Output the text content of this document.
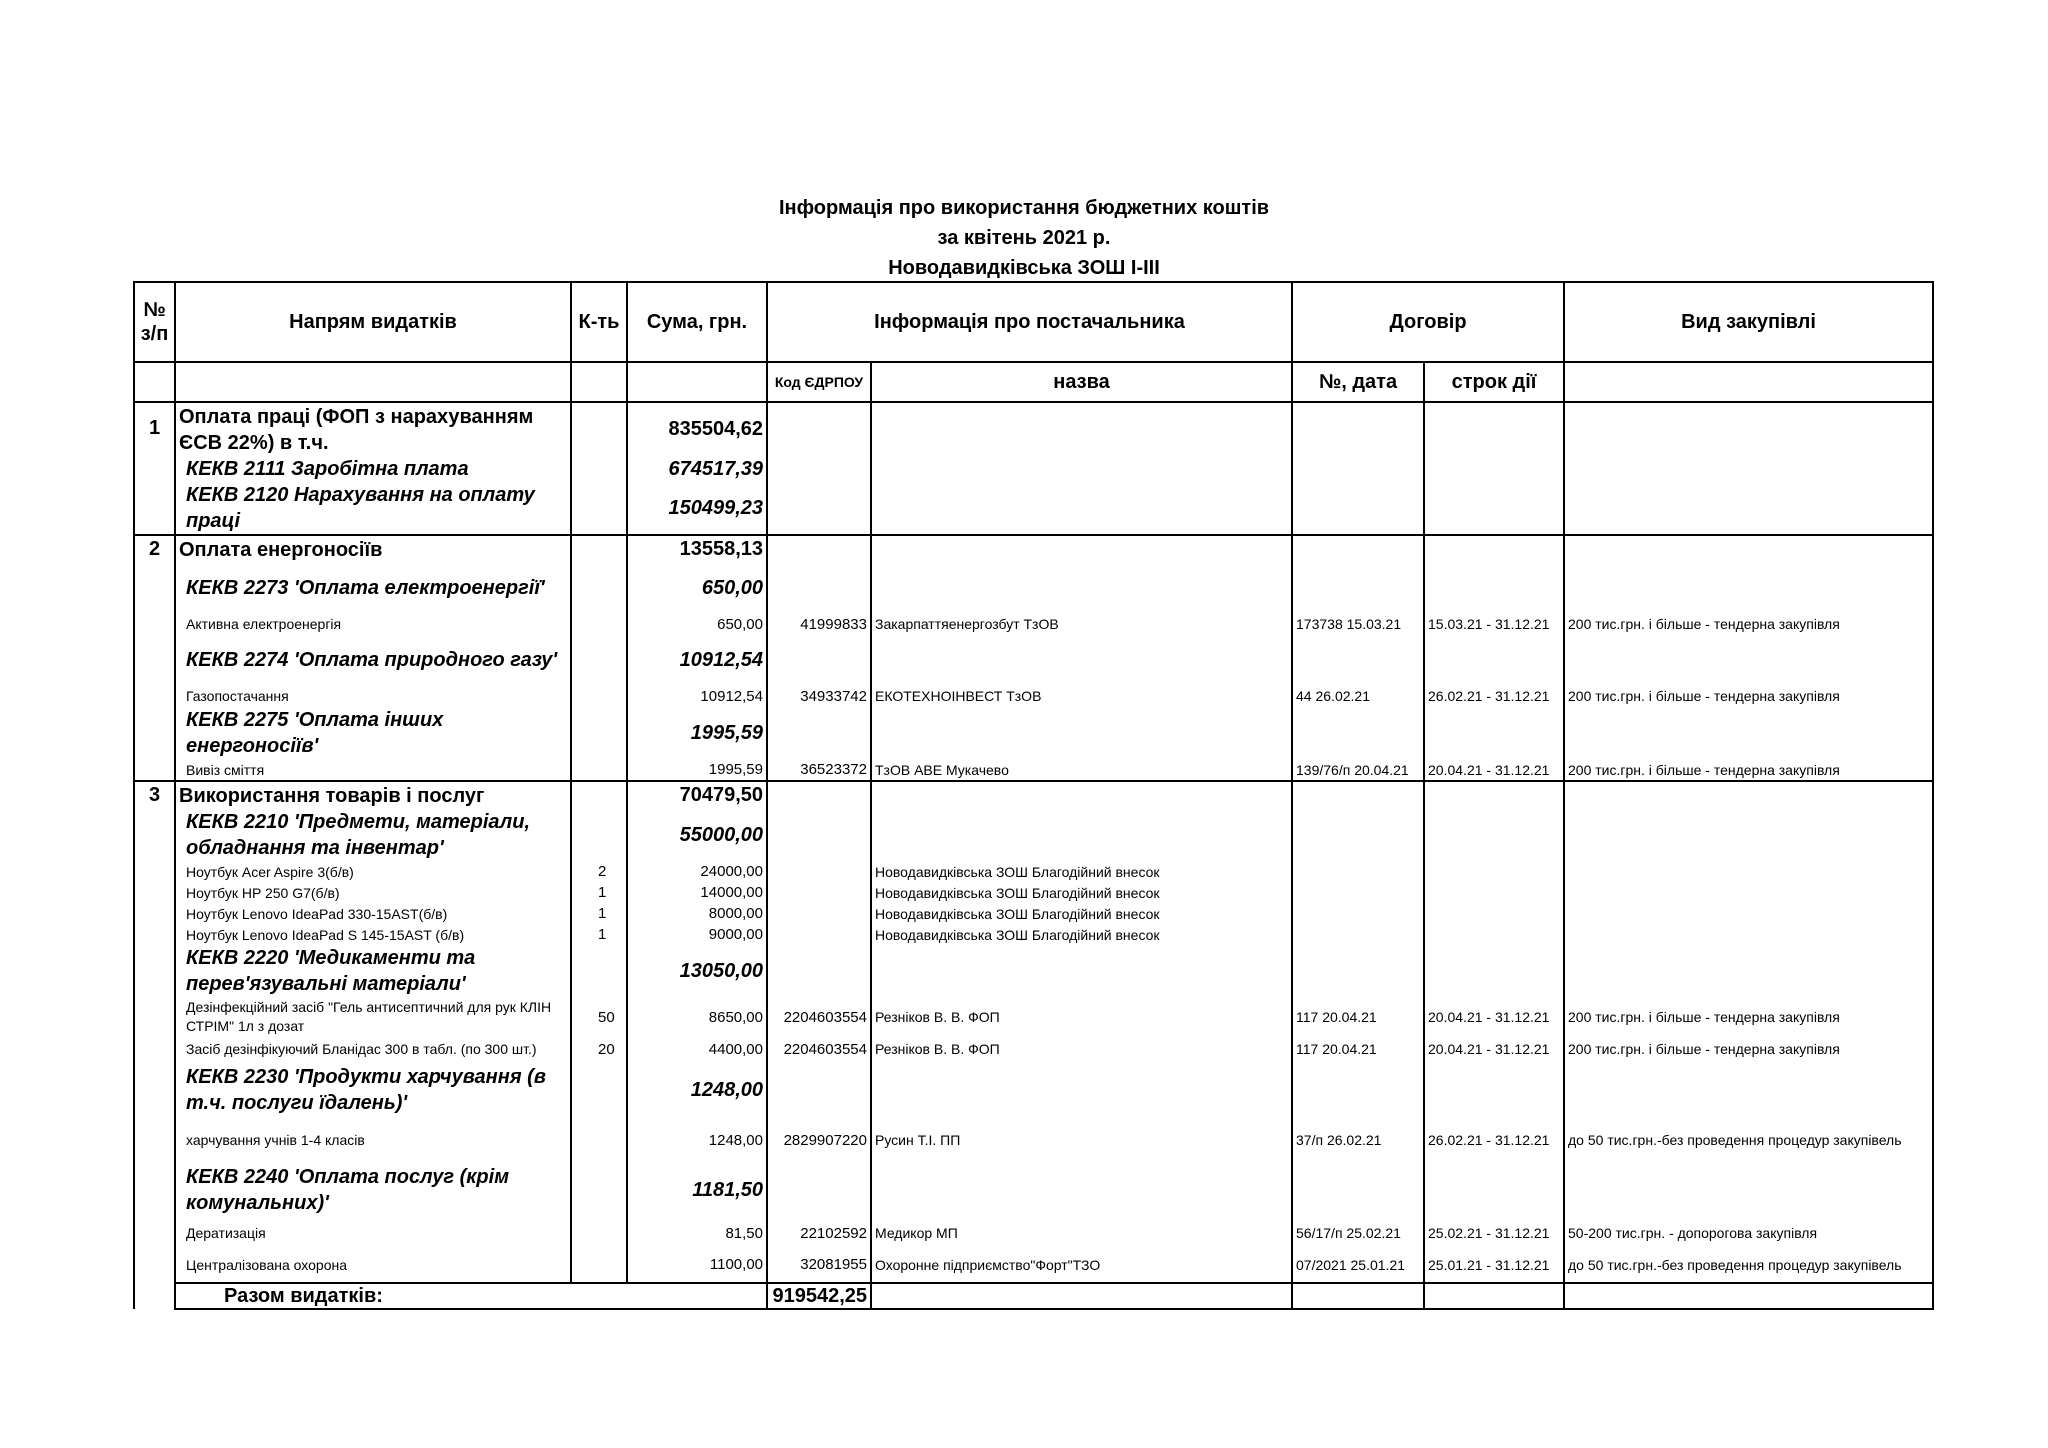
Інформація про використання бюджетних коштів
за квітень 2021 р.
Новодавидківська ЗОШ І-ІІІ
№ з/п	Напрям видатків	К-ть	Сума, грн.	Інформація про постачальника		Договір		Вид закупівлі	
				Код ЄДРПОУ	назва	№, дата	строк дії		
1	Оплата праці (ФОП з нарахуванням ЄСВ 22%) в т.ч.		835504,62						
	КЕКВ 2111 Заробітна плата		674517,39						
	КЕКВ 2120 Нарахування на оплату праці		150499,23						
2	Оплата енергоносіїв		13558,13						
	КЕКВ 2273 'Оплата електроенергії'		650,00						
	Активна електроенергія		650,00	41999833	Закарпаттяенергозбут ТзОВ	173738 15.03.21	15.03.21 - 31.12.21	200 тис.грн. і більше - тендерна закупівля	
	КЕКВ 2274 'Оплата природного газу'		10912,54						
	Газопостачання		10912,54	34933742	ЕКОТЕХНОІНВЕСТ ТзОВ	44 26.02.21	26.02.21 - 31.12.21	200 тис.грн. і більше - тендерна закупівля	
	КЕКВ 2275 'Оплата інших енергоносіїв'		1995,59						
	Вивіз сміття		1995,59	36523372	ТзОВ АВЕ Мукачево	139/76/п 20.04.21	20.04.21 - 31.12.21	200 тис.грн. і більше - тендерна закупівля	
3	Використання товарів і послуг		70479,50						
	КЕКВ 2210 'Предмети, матеріали, обладнання та інвентар'		55000,00						
	Ноутбук Acer Aspire 3(б/в)	2	24000,00		Новодавидківська ЗОШ Благодійний внесок				
	Ноутбук HP 250 G7(б/в)	1	14000,00		Новодавидківська ЗОШ Благодійний внесок				
	Ноутбук Lenovo IdeaPad 330-15AST(б/в)	1	8000,00		Новодавидківська ЗОШ Благодійний внесок				
	Ноутбук Lenovo IdeaPad S 145-15AST (б/в)	1	9000,00		Новодавидківська ЗОШ Благодійний внесок				
	КЕКВ 2220 'Медикаменти та перев'язувальні матеріали'		13050,00						
	Дезінфекційний засіб "Гель антисептичний для рук КЛІН СТРІМ" 1л з дозат	50	8650,00	2204603554	Резніков В. В. ФОП	117 20.04.21	20.04.21 - 31.12.21	200 тис.грн. і більше - тендерна закупівля	
	Засіб дезінфікуючий Бланідас 300 в табл. (по 300 шт.)	20	4400,00	2204603554	Резніков В. В. ФОП	117 20.04.21	20.04.21 - 31.12.21	200 тис.грн. і більше - тендерна закупівля	
	КЕКВ 2230 'Продукти харчування (в т.ч. послуги їдалень)'		1248,00						
	харчування учнів 1-4 класів		1248,00	2829907220	Русин Т.І. ПП	37/п 26.02.21	26.02.21 - 31.12.21	до 50 тис.грн.-без проведення процедур закупівель	
	КЕКВ 2240 'Оплата послуг (крім комунальних)'		1181,50						
	Дератизація		81,50	22102592	Медикор МП	56/17/п 25.02.21	25.02.21 - 31.12.21	50-200 тис.грн. - допорогова закупівля	
	Централізована охорона		1100,00	32081955	Охоронне підприємство"Форт"ТЗО	07/2021 25.01.21	25.01.21 - 31.12.21	до 50 тис.грн.-без проведення процедур закупівель	
	Разом видатків:			919542,25					
